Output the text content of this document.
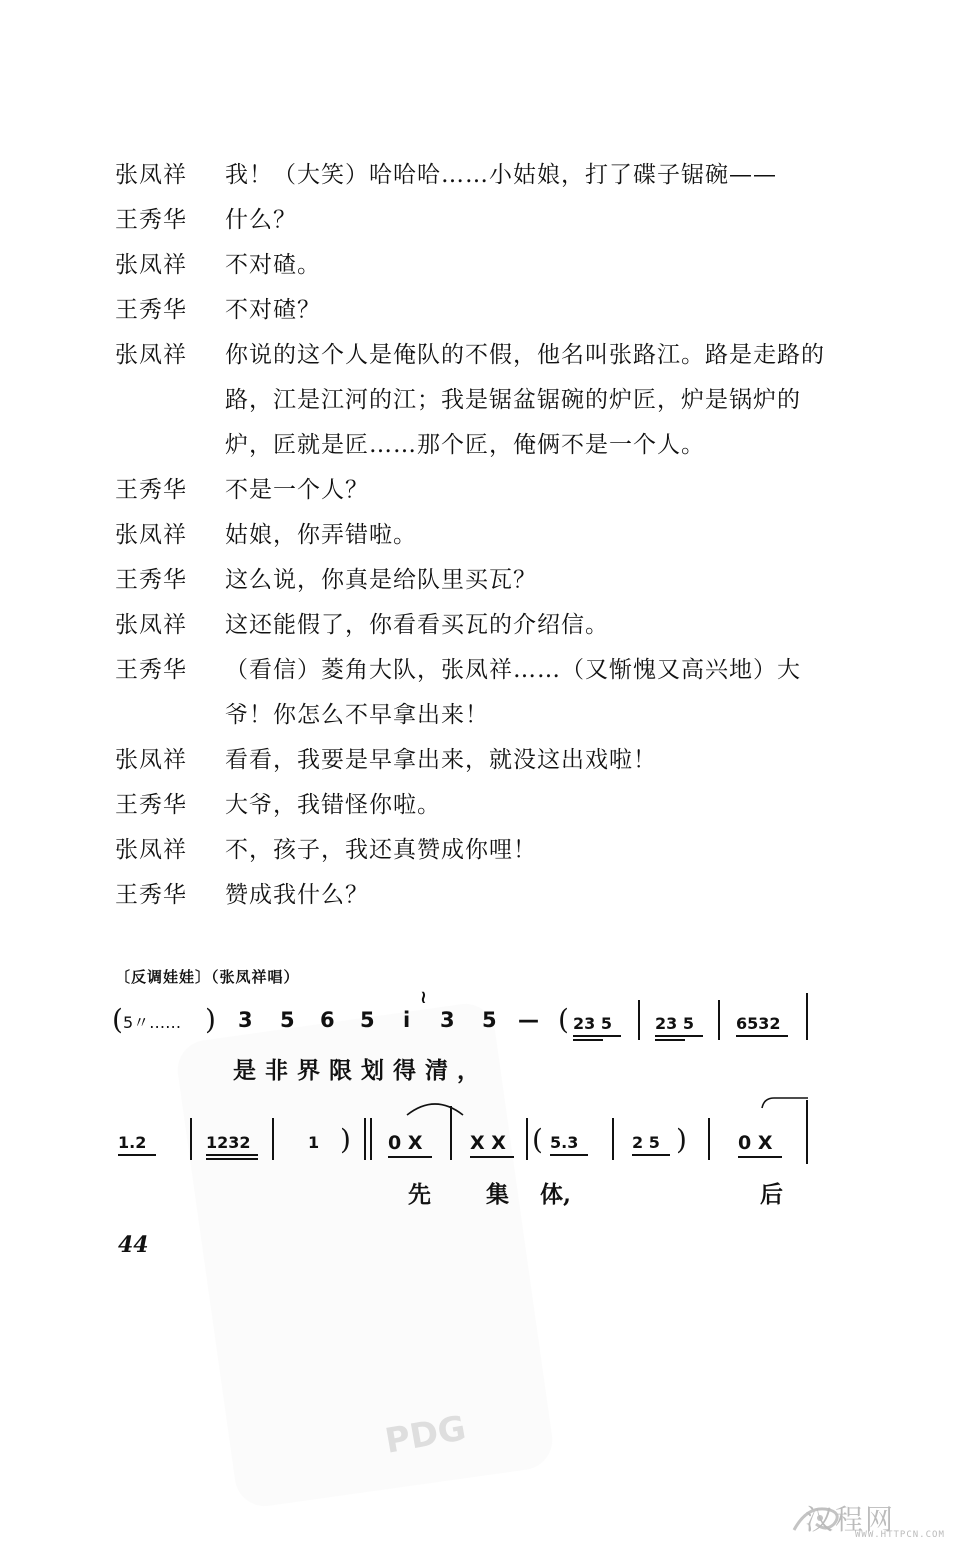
PDG
张凤祥	我！（大笑）哈哈哈……小姑娘，打了碟子锯碗——
王秀华	什么？
张凤祥	不对碴。
王秀华	不对碴？
张凤祥	你说的这个人是俺队的不假，他名叫张路江。路是走路的路，江是江河的江；我是锯盆锯碗的炉匠，炉是锅炉的炉，匠就是匠……那个匠，俺俩不是一个人。
王秀华	不是一个人？
张凤祥	姑娘，你弄错啦。
王秀华	这么说，你真是给队里买瓦？
张凤祥	这还能假了，你看看买瓦的介绍信。
王秀华	（看信）菱角大队，张凤祥……（又惭愧又高兴地）大爷！你怎么不早拿出来！
张凤祥	看看，我要是早拿出来，就没这出戏啦！
王秀华	大爷，我错怪你啦。
张凤祥	不，孩子，我还真赞成你哩！
王秀华	赞成我什么？
〔反调娃娃〕（张凤祥唱）
( 5〃…… ) 3 5 6 5 i
≀
3 5 — ( 23 5	23 5	6532
是非界限划得清，
1.2	1232	1 ) 0 X	X X ( 5.3	2 5 )	0 X
先 集 体,	后
44
汉程网
WWW.HTTPCN.COM
